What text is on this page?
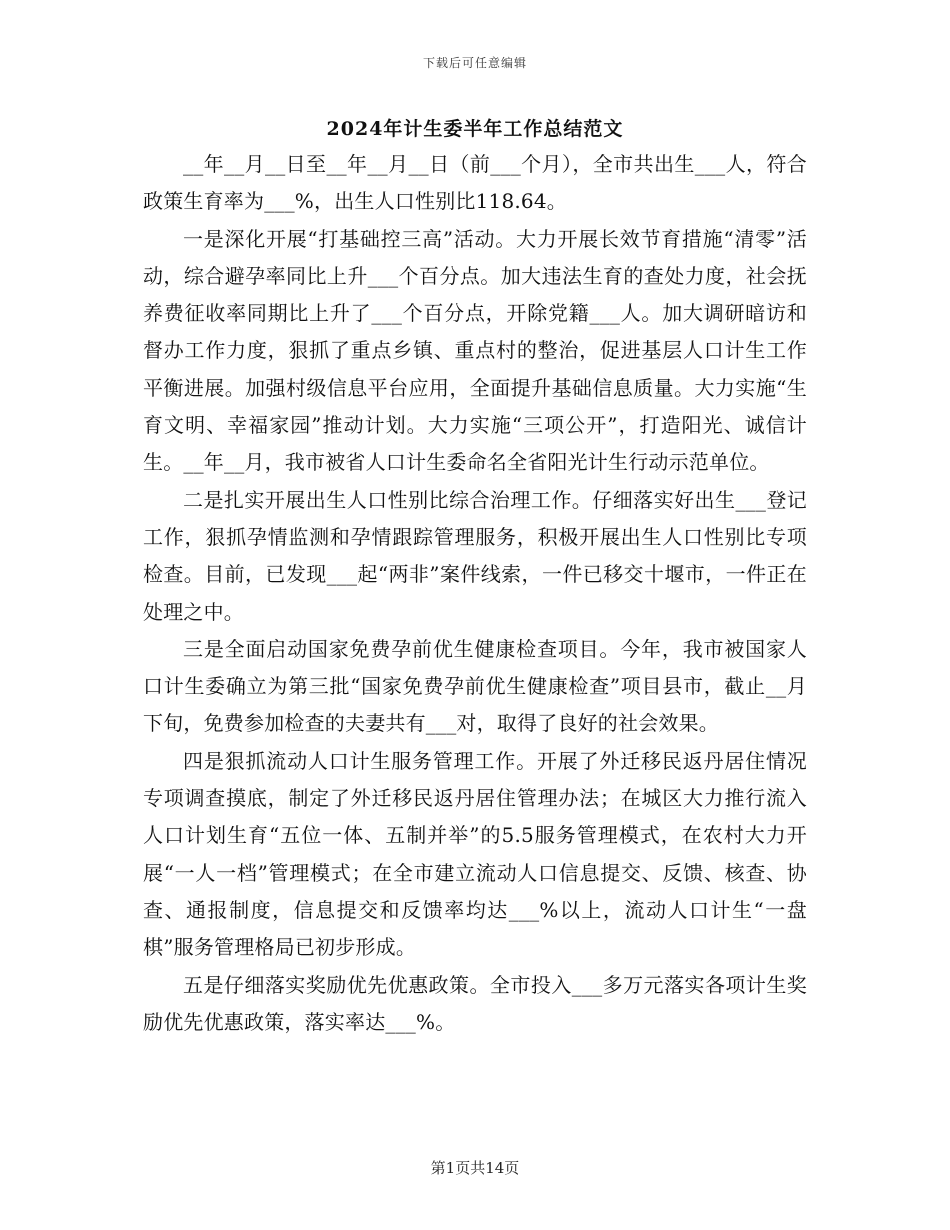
下载后可任意编辑
2024年计生委半年工作总结范文

__年__月__日至__年__月__日（前___个月），全市共出生___人，符合政策生育率为___%，出生人口性别比118.64。

一是深化开展“打基础控三高”活动。大力开展长效节育措施“清零”活动，综合避孕率同比上升___个百分点。加大违法生育的查处力度，社会抚养费征收率同期比上升了___个百分点，开除党籍___人。加大调研暗访和督办工作力度，狠抓了重点乡镇、重点村的整治，促进基层人口计生工作平衡进展。加强村级信息平台应用，全面提升基础信息质量。大力实施“生育文明、幸福家园”推动计划。大力实施“三项公开”，打造阳光、诚信计生。__年__月，我市被省人口计生委命名全省阳光计生行动示范单位。

二是扎实开展出生人口性别比综合治理工作。仔细落实好出生___登记工作，狠抓孕情监测和孕情跟踪管理服务，积极开展出生人口性别比专项检查。目前，已发现___起“两非”案件线索，一件已移交十堰市，一件正在处理之中。

三是全面启动国家免费孕前优生健康检查项目。今年，我市被国家人口计生委确立为第三批“国家免费孕前优生健康检查”项目县市，截止__月下旬，免费参加检查的夫妻共有___对，取得了良好的社会效果。

四是狠抓流动人口计生服务管理工作。开展了外迁移民返丹居住情况专项调查摸底，制定了外迁移民返丹居住管理办法；在城区大力推行流入人口计划生育“五位一体、五制并举”的5.5服务管理模式，在农村大力开展“一人一档”管理模式；在全市建立流动人口信息提交、反馈、核查、协查、通报制度，信息提交和反馈率均达___%以上，流动人口计生“一盘棋”服务管理格局已初步形成。

五是仔细落实奖励优先优惠政策。全市投入___多万元落实各项计生奖励优先优惠政策，落实率达___%。

第1页共14页
